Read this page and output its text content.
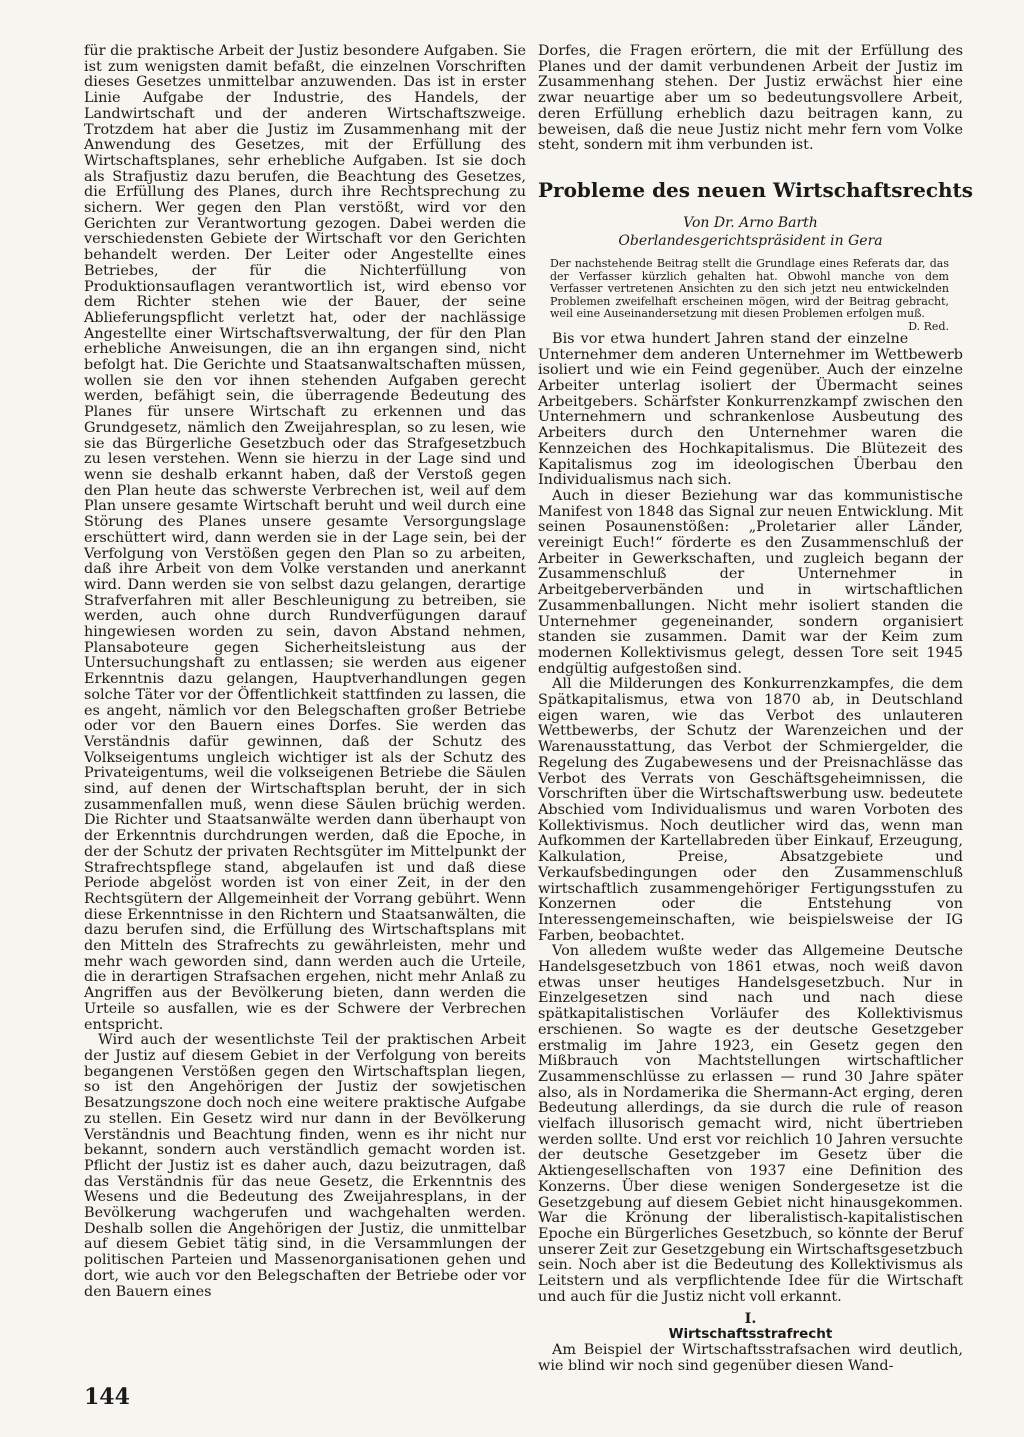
für die praktische Arbeit der Justiz besondere Aufgaben. Sie ist zum wenigsten damit befaßt, die einzelnen Vorschriften dieses Gesetzes unmittelbar anzuwenden. Das ist in erster Linie Aufgabe der Industrie, des Handels, der Landwirtschaft und der anderen Wirtschaftszweige. Trotzdem hat aber die Justiz im Zusammenhang mit der Anwendung des Gesetzes, mit der Erfüllung des Wirtschaftsplanes, sehr erhebliche Aufgaben. Ist sie doch als Strafjustiz dazu berufen, die Beachtung des Gesetzes, die Erfüllung des Planes, durch ihre Rechtsprechung zu sichern. Wer gegen den Plan verstößt, wird vor den Gerichten zur Verantwortung gezogen. Dabei werden die verschiedensten Gebiete der Wirtschaft vor den Gerichten behandelt werden. Der Leiter oder Angestellte eines Betriebes, der für die Nichterfüllung von Produktionsauflagen verantwortlich ist, wird ebenso vor dem Richter stehen wie der Bauer, der seine Ablieferungspflicht verletzt hat, oder der nachlässige Angestellte einer Wirtschaftsverwaltung, der für den Plan erhebliche Anweisungen, die an ihn ergangen sind, nicht befolgt hat. Die Gerichte und Staatsanwaltschaften müssen, wollen sie den vor ihnen stehenden Aufgaben gerecht werden, befähigt sein, die überragende Bedeutung des Planes für unsere Wirtschaft zu erkennen und das Grundgesetz, nämlich den Zweijahresplan, so zu lesen, wie sie das Bürgerliche Gesetzbuch oder das Strafgesetzbuch zu lesen verstehen. Wenn sie hierzu in der Lage sind und wenn sie deshalb erkannt haben, daß der Verstoß gegen den Plan heute das schwerste Verbrechen ist, weil auf dem Plan unsere gesamte Wirtschaft beruht und weil durch eine Störung des Planes unsere gesamte Versorgungslage erschüttert wird, dann werden sie in der Lage sein, bei der Verfolgung von Verstößen gegen den Plan so zu arbeiten, daß ihre Arbeit von dem Volke verstanden und anerkannt wird. Dann werden sie von selbst dazu gelangen, derartige Strafverfahren mit aller Beschleunigung zu betreiben, sie werden, auch ohne durch Rundverfügungen darauf hingewiesen worden zu sein, davon Abstand nehmen, Plansaboteure gegen Sicherheitsleistung aus der Untersuchungshaft zu entlassen; sie werden aus eigener Erkenntnis dazu gelangen, Hauptverhandlungen gegen solche Täter vor der Öffentlichkeit stattfinden zu lassen, die es angeht, nämlich vor den Belegschaften großer Betriebe oder vor den Bauern eines Dorfes. Sie werden das Verständnis dafür gewinnen, daß der Schutz des Volkseigentums ungleich wichtiger ist als der Schutz des Privateigentums, weil die volkseigenen Betriebe die Säulen sind, auf denen der Wirtschaftsplan beruht, der in sich zusammenfallen muß, wenn diese Säulen brüchig werden. Die Richter und Staatsanwälte werden dann überhaupt von der Erkenntnis durchdrungen werden, daß die Epoche, in der der Schutz der privaten Rechtsgüter im Mittelpunkt der Strafrechtspflege stand, abgelaufen ist und daß diese Periode abgelöst worden ist von einer Zeit, in der den Rechtsgütern der Allgemeinheit der Vorrang gebührt. Wenn diese Erkenntnisse in den Richtern und Staatsanwälten, die dazu berufen sind, die Erfüllung des Wirtschaftsplans mit den Mitteln des Strafrechts zu gewährleisten, mehr und mehr wach geworden sind, dann werden auch die Urteile, die in derartigen Strafsachen ergehen, nicht mehr Anlaß zu Angriffen aus der Bevölkerung bieten, dann werden die Urteile so ausfallen, wie es der Schwere der Verbrechen entspricht.

Wird auch der wesentlichste Teil der praktischen Arbeit der Justiz auf diesem Gebiet in der Verfolgung von bereits begangenen Verstößen gegen den Wirtschaftsplan liegen, so ist den Angehörigen der Justiz der sowjetischen Besatzungszone doch noch eine weitere praktische Aufgabe zu stellen. Ein Gesetz wird nur dann in der Bevölkerung Verständnis und Beachtung finden, wenn es ihr nicht nur bekannt, sondern auch verständlich gemacht worden ist. Pflicht der Justiz ist es daher auch, dazu beizutragen, daß das Verständnis für das neue Gesetz, die Erkenntnis des Wesens und die Bedeutung des Zweijahresplans, in der Bevölkerung wachgerufen und wachgehalten werden. Deshalb sollen die Angehörigen der Justiz, die unmittelbar auf diesem Gebiet tätig sind, in die Versammlungen der politischen Parteien und Massenorganisationen gehen und dort, wie auch vor den Belegschaften der Betriebe oder vor den Bauern eines

Dorfes, die Fragen erörtern, die mit der Erfüllung des Planes und der damit verbundenen Arbeit der Justiz im Zusammenhang stehen. Der Justiz erwächst hier eine zwar neuartige aber um so bedeutungsvollere Arbeit, deren Erfüllung erheblich dazu beitragen kann, zu beweisen, daß die neue Justiz nicht mehr fern vom Volke steht, sondern mit ihm verbunden ist.

Probleme des neuen Wirtschaftsrechts
Von Dr. Arno Barth
Oberlandesgerichtspräsident in Gera
Der nachstehende Beitrag stellt die Grundlage eines Referats dar, das der Verfasser kürzlich gehalten hat. Obwohl manche von dem Verfasser vertretenen Ansichten zu den sich jetzt neu entwickelnden Problemen zweifelhaft erscheinen mögen, wird der Beitrag gebracht, weil eine Auseinandersetzung mit diesen Problemen erfolgen muß.
D. Red.

Bis vor etwa hundert Jahren stand der einzelne Unternehmer dem anderen Unternehmer im Wettbewerb isoliert und wie ein Feind gegenüber. Auch der einzelne Arbeiter unterlag isoliert der Übermacht seines Arbeitgebers. Schärfster Konkurrenzkampf zwischen den Unternehmern und schrankenlose Ausbeutung des Arbeiters durch den Unternehmer waren die Kennzeichen des Hochkapitalismus. Die Blütezeit des Kapitalismus zog im ideologischen Überbau den Individualismus nach sich.

Auch in dieser Beziehung war das kommunistische Manifest von 1848 das Signal zur neuen Entwicklung. Mit seinen Posaunenstößen: „Proletarier aller Länder, vereinigt Euch!“ förderte es den Zusammenschluß der Arbeiter in Gewerkschaften, und zugleich begann der Zusammenschluß der Unternehmer in Arbeitgeberverbänden und in wirtschaftlichen Zusammenballungen. Nicht mehr isoliert standen die Unternehmer gegeneinander, sondern organisiert standen sie zusammen. Damit war der Keim zum modernen Kollektivismus gelegt, dessen Tore seit 1945 endgültig aufgestoßen sind.

All die Milderungen des Konkurrenzkampfes, die dem Spätkapitalismus, etwa von 1870 ab, in Deutschland eigen waren, wie das Verbot des unlauteren Wettbewerbs, der Schutz der Warenzeichen und der Warenausstattung, das Verbot der Schmiergelder, die Regelung des Zugabewesens und der Preisnachlässe das Verbot des Verrats von Geschäftsgeheimnissen, die Vorschriften über die Wirtschaftswerbung usw. bedeutete Abschied vom Individualismus und waren Vorboten des Kollektivismus. Noch deutlicher wird das, wenn man Aufkommen der Kartellabreden über Einkauf, Erzeugung, Kalkulation, Preise, Absatzgebiete und Verkaufsbedingungen oder den Zusammenschluß wirtschaftlich zusammengehöriger Fertigungsstufen zu Konzernen oder die Entstehung von Interessengemeinschaften, wie beispielsweise der IG Farben, beobachtet.

Von alledem wußte weder das Allgemeine Deutsche Handelsgesetzbuch von 1861 etwas, noch weiß davon etwas unser heutiges Handelsgesetzbuch. Nur in Einzelgesetzen sind nach und nach diese spätkapitalistischen Vorläufer des Kollektivismus erschienen. So wagte es der deutsche Gesetzgeber erstmalig im Jahre 1923, ein Gesetz gegen den Mißbrauch von Machtstellungen wirtschaftlicher Zusammenschlüsse zu erlassen — rund 30 Jahre später also, als in Nordamerika die Shermann-Act erging, deren Bedeutung allerdings, da sie durch die rule of reason vielfach illusorisch gemacht wird, nicht übertrieben werden sollte. Und erst vor reichlich 10 Jahren versuchte der deutsche Gesetzgeber im Gesetz über die Aktiengesellschaften von 1937 eine Definition des Konzerns. Über diese wenigen Sondergesetze ist die Gesetzgebung auf diesem Gebiet nicht hinausgekommen. War die Krönung der liberalistisch-kapitalistischen Epoche ein Bürgerliches Gesetzbuch, so könnte der Beruf unserer Zeit zur Gesetzgebung ein Wirtschaftsgesetzbuch sein. Noch aber ist die Bedeutung des Kollektivismus als Leitstern und als verpflichtende Idee für die Wirtschaft und auch für die Justiz nicht voll erkannt.

I.
Wirtschaftsstrafrecht

Am Beispiel der Wirtschaftsstrafsachen wird deutlich, wie blind wir noch sind gegenüber diesen Wand-

144
